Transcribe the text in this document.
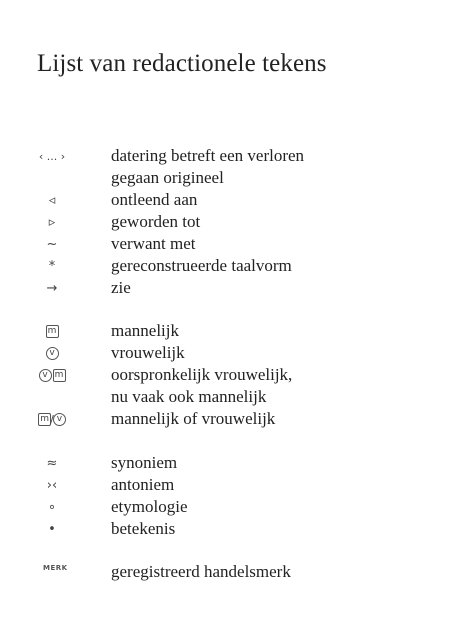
Lijst van redactionele tekens
‹ ... ›	datering betreft een verloren
gegaan origineel
◃	ontleend aan
▹	geworden tot
~	verwant met
*	gereconstrueerde taalvorm
→	zie
m	mannelijk
v	vrouwelijk
v m	oorspronkelijk vrouwelijk,
nu vaak ook mannelijk
m / v	mannelijk of vrouwelijk
≈	synoniem
›‹	antoniem
∘	etymologie
•	betekenis
MERK	geregistreerd handelsmerk
